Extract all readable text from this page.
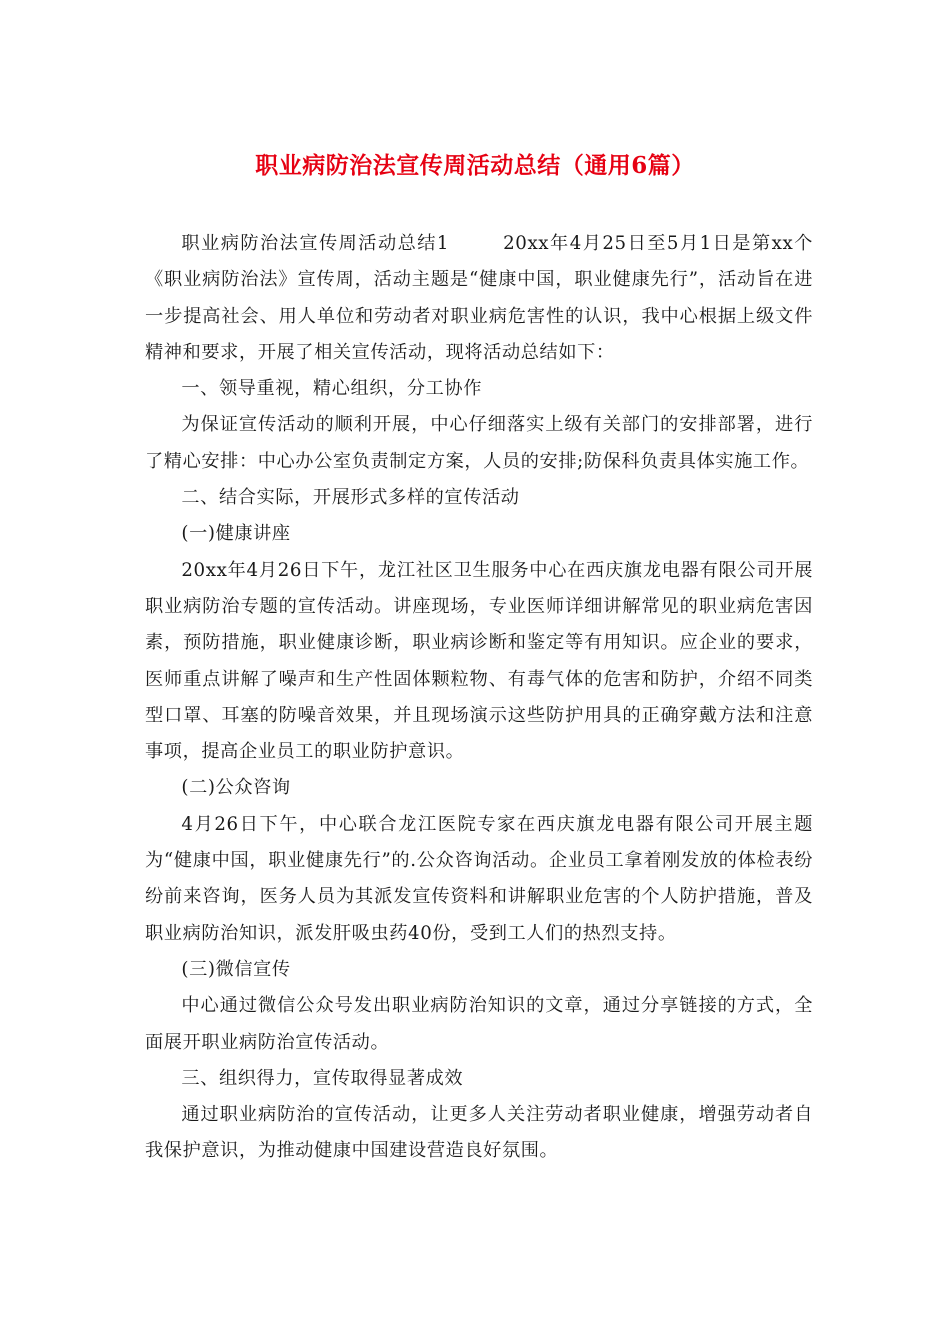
职业病防治法宣传周活动总结（通用6篇）

职业病防治法宣传周活动总结1	20xx年4月25日至5月1日是第xx个《职业病防治法》宣传周，活动主题是“健康中国，职业健康先行”，活动旨在进一步提高社会、用人单位和劳动者对职业病危害性的认识，我中心根据上级文件精神和要求，开展了相关宣传活动，现将活动总结如下：

一、领导重视，精心组织，分工协作

为保证宣传活动的顺利开展，中心仔细落实上级有关部门的安排部署，进行了精心安排：中心办公室负责制定方案，人员的安排;防保科负责具体实施工作。

二、结合实际，开展形式多样的宣传活动

(一)健康讲座

20xx年4月26日下午，龙江社区卫生服务中心在西庆旗龙电器有限公司开展职业病防治专题的宣传活动。讲座现场，专业医师详细讲解常见的职业病危害因素，预防措施，职业健康诊断，职业病诊断和鉴定等有用知识。应企业的要求，医师重点讲解了噪声和生产性固体颗粒物、有毒气体的危害和防护，介绍不同类型口罩、耳塞的防噪音效果，并且现场演示这些防护用具的正确穿戴方法和注意事项，提高企业员工的职业防护意识。

(二)公众咨询

4月26日下午，中心联合龙江医院专家在西庆旗龙电器有限公司开展主题为“健康中国，职业健康先行”的.公众咨询活动。企业员工拿着刚发放的体检表纷纷前来咨询，医务人员为其派发宣传资料和讲解职业危害的个人防护措施，普及职业病防治知识，派发肝吸虫药40份，受到工人们的热烈支持。

(三)微信宣传

中心通过微信公众号发出职业病防治知识的文章，通过分享链接的方式，全面展开职业病防治宣传活动。

三、组织得力，宣传取得显著成效

通过职业病防治的宣传活动，让更多人关注劳动者职业健康，增强劳动者自我保护意识，为推动健康中国建设营造良好氛围。
